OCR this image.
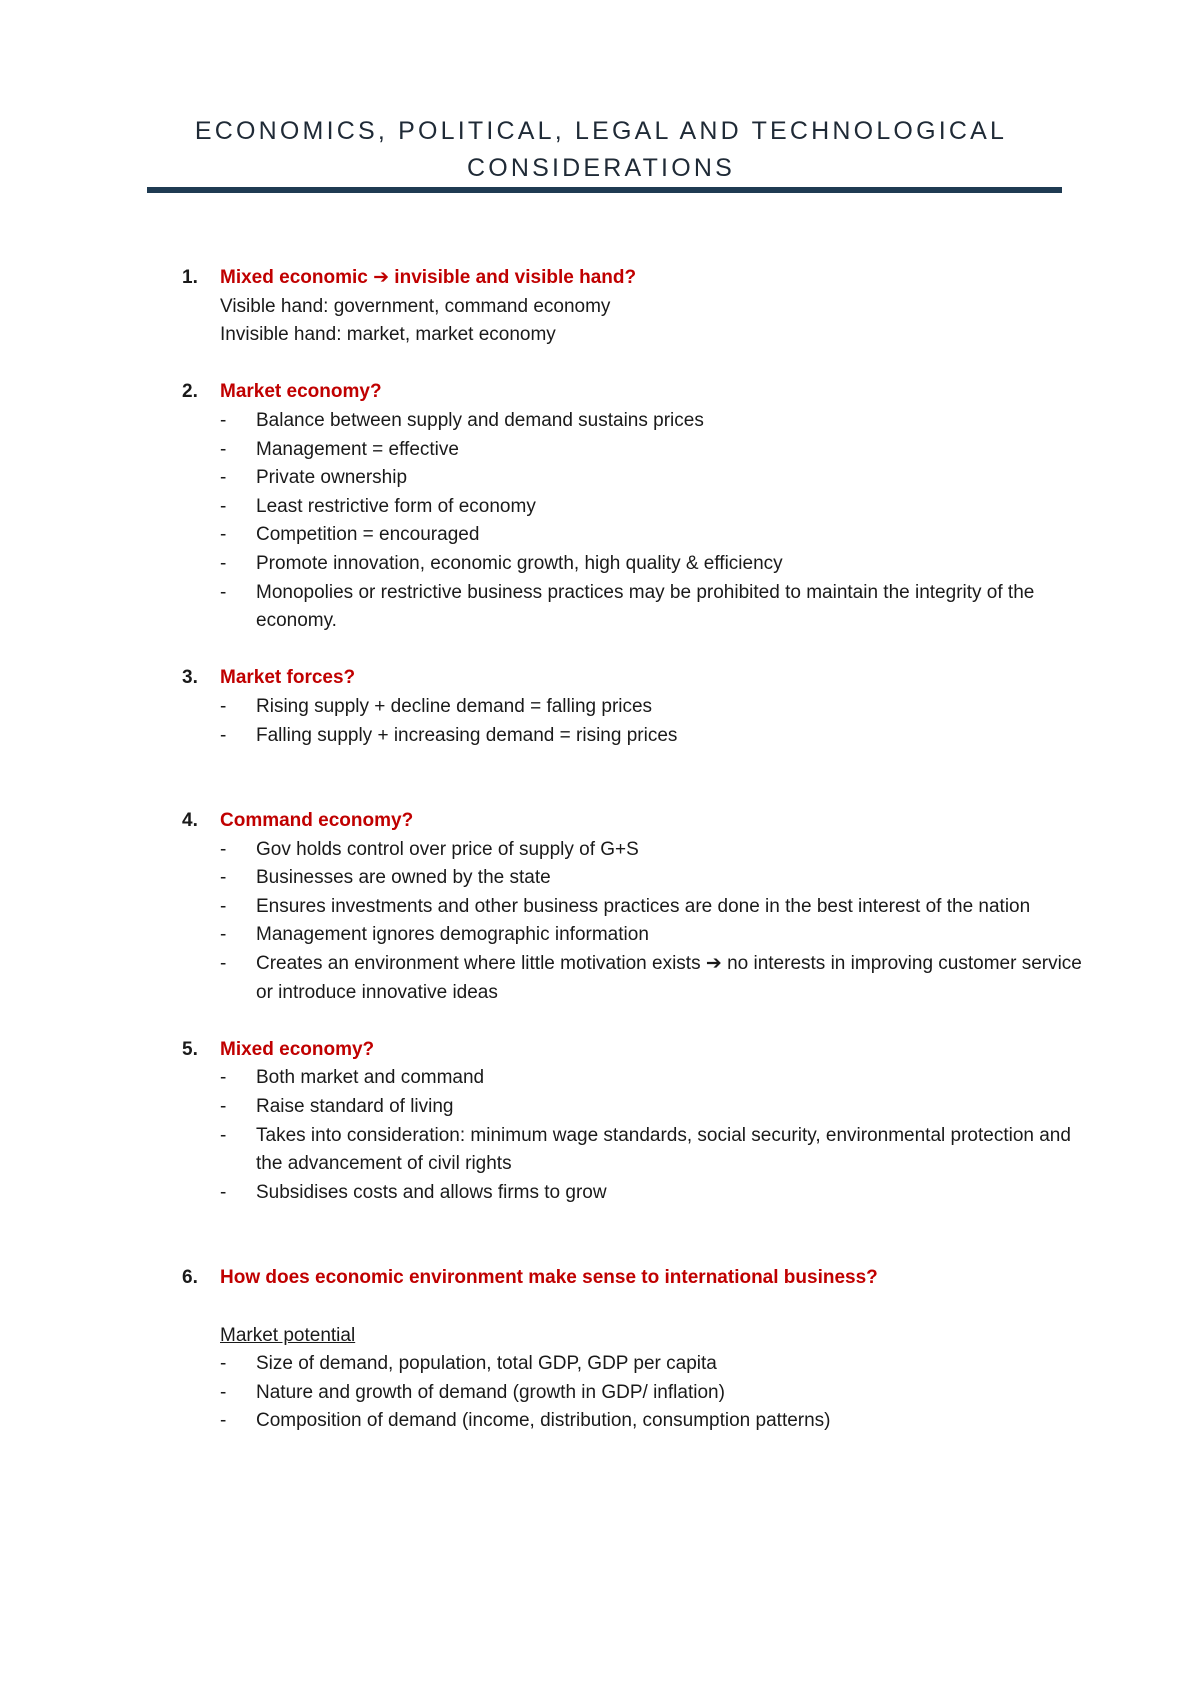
ECONOMICS, POLITICAL, LEGAL AND TECHNOLOGICAL
CONSIDERATIONS
1. Mixed economic ➔ invisible and visible hand?
Visible hand: government, command economy
Invisible hand: market, market economy
2. Market economy?
- Balance between supply and demand sustains prices
- Management = effective
- Private ownership
- Least restrictive form of economy
- Competition = encouraged
- Promote innovation, economic growth, high quality & efficiency
- Monopolies or restrictive business practices may be prohibited to maintain the integrity of the economy.
3. Market forces?
- Rising supply + decline demand = falling prices
- Falling supply + increasing demand = rising prices
4. Command economy?
- Gov holds control over price of supply of G+S
- Businesses are owned by the state
- Ensures investments and other business practices are done in the best interest of the nation
- Management ignores demographic information
- Creates an environment where little motivation exists ➔ no interests in improving customer service or introduce innovative ideas
5. Mixed economy?
- Both market and command
- Raise standard of living
- Takes into consideration: minimum wage standards, social security, environmental protection and the advancement of civil rights
- Subsidises costs and allows firms to grow
6. How does economic environment make sense to international business?
Market potential
- Size of demand, population, total GDP, GDP per capita
- Nature and growth of demand (growth in GDP/ inflation)
- Composition of demand (income, distribution, consumption patterns)
